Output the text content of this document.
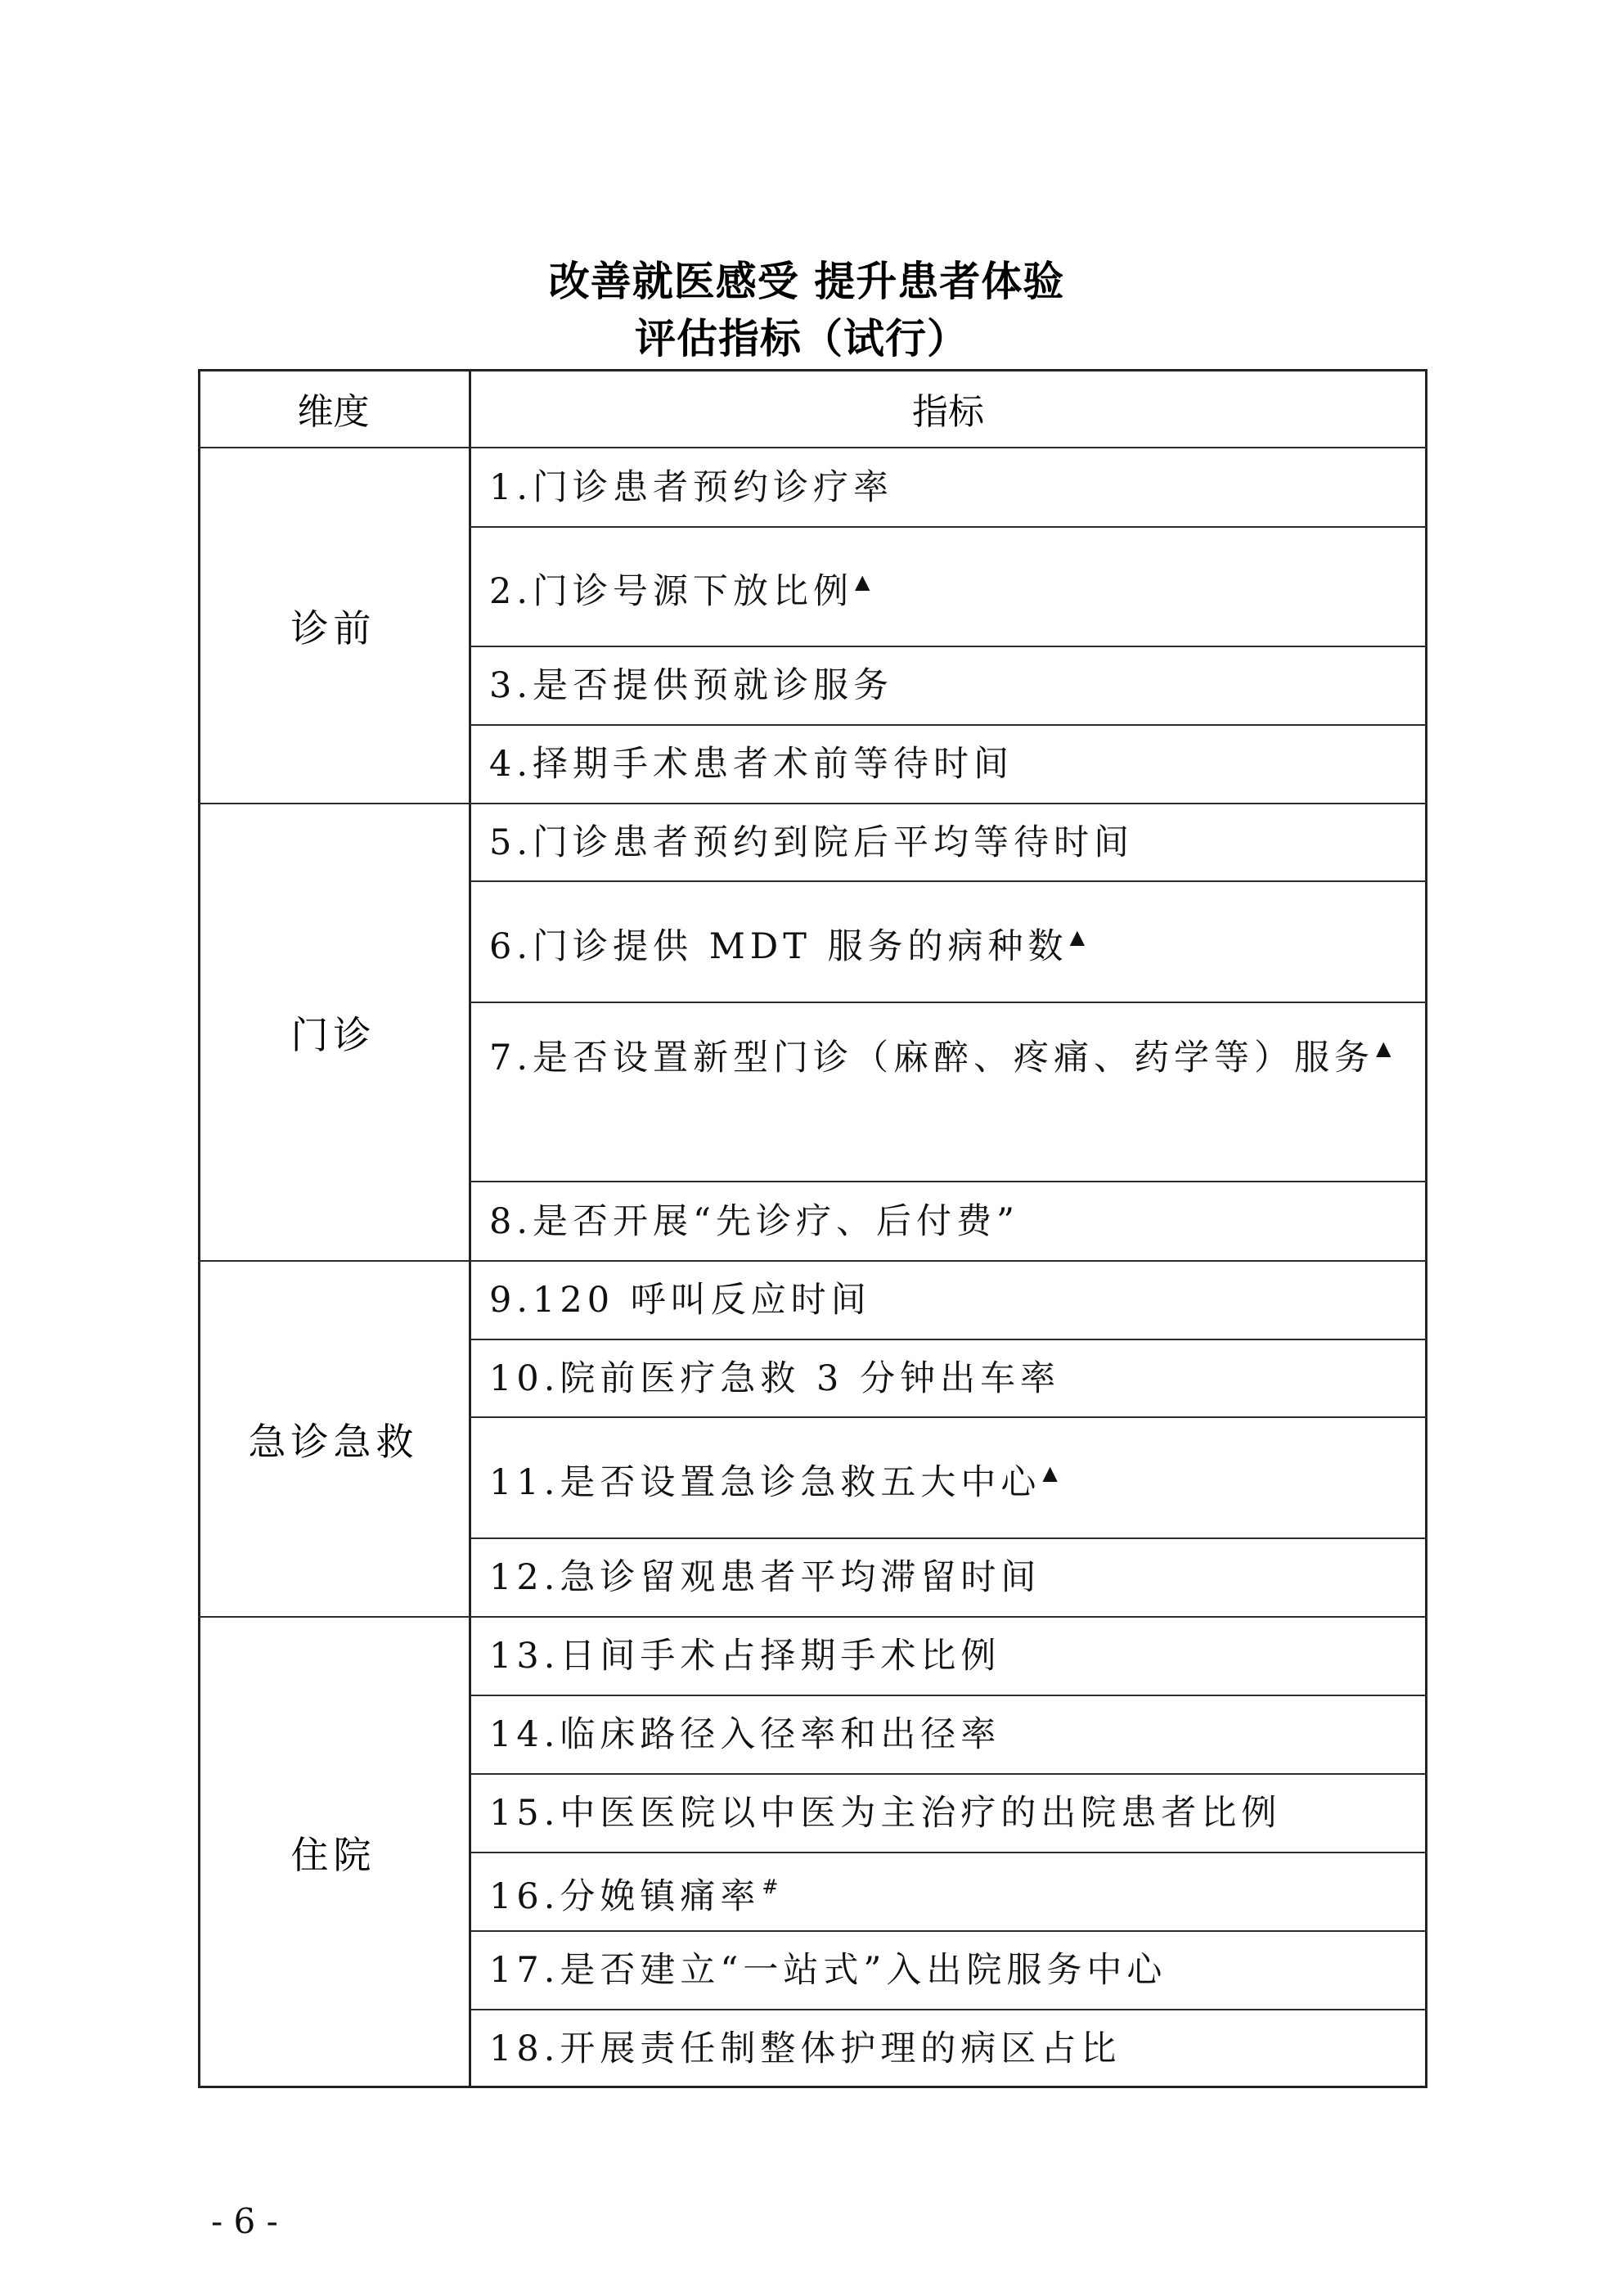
改善就医感受 提升患者体验
评估指标（试行）
维度	指标
诊前
1.门诊患者预约诊疗率
2.门诊号源下放比例▲
3.是否提供预就诊服务
4.择期手术患者术前等待时间
门诊
5.门诊患者预约到院后平均等待时间
6.门诊提供 MDT 服务的病种数▲
7.是否设置新型门诊（麻醉、疼痛、药学等）服务▲
8.是否开展“先诊疗、后付费”
急诊急救
9.120 呼叫反应时间
10.院前医疗急救 3 分钟出车率
11.是否设置急诊急救五大中心▲
12.急诊留观患者平均滞留时间
住院
13.日间手术占择期手术比例
14.临床路径入径率和出径率
15.中医医院以中医为主治疗的出院患者比例
16.分娩镇痛率#
17.是否建立“一站式”入出院服务中心
18.开展责任制整体护理的病区占比
- 6 -
